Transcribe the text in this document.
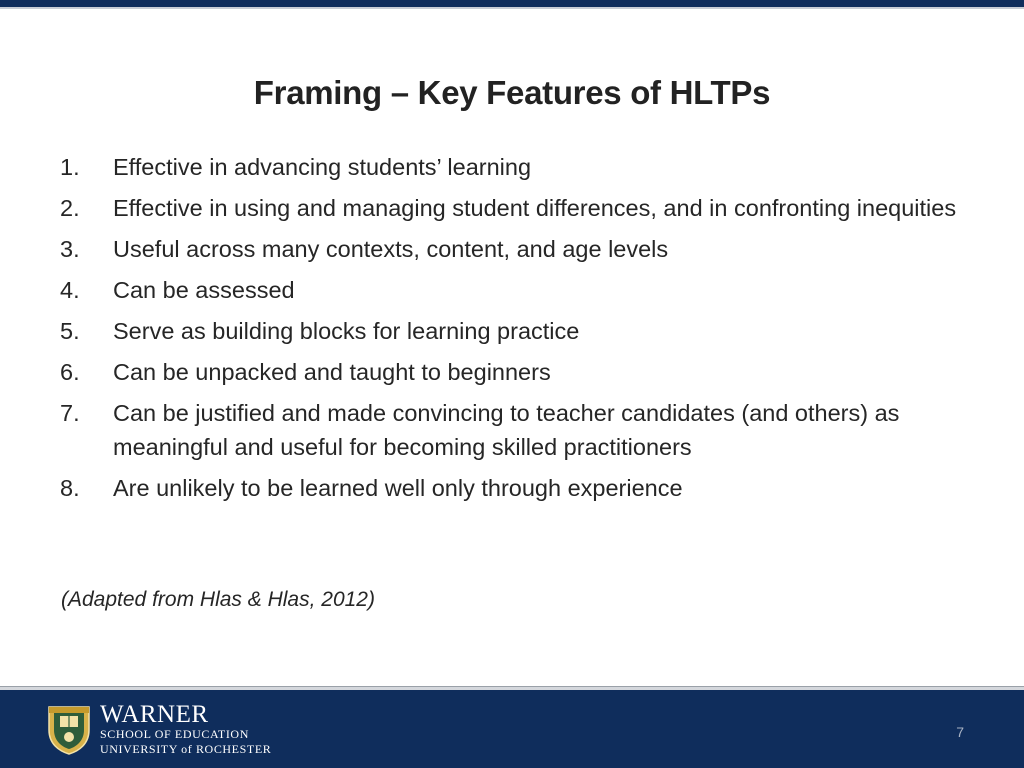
Framing – Key Features of HLTPs
1.	Effective in advancing students’ learning
2.	Effective in using and managing student differences, and in confronting inequities
3.	Useful across many contexts, content, and age levels
4.	Can be assessed
5.	Serve as building blocks for learning practice
6.	Can be unpacked and taught to beginners
7.	Can be justified and made convincing to teacher candidates (and others) as meaningful and useful for becoming skilled practitioners
8.	Are unlikely to be learned well only through experience

(Adapted from Hlas & Hlas, 2012)

WARNER
SCHOOL OF EDUCATION
UNIVERSITY of ROCHESTER
7
